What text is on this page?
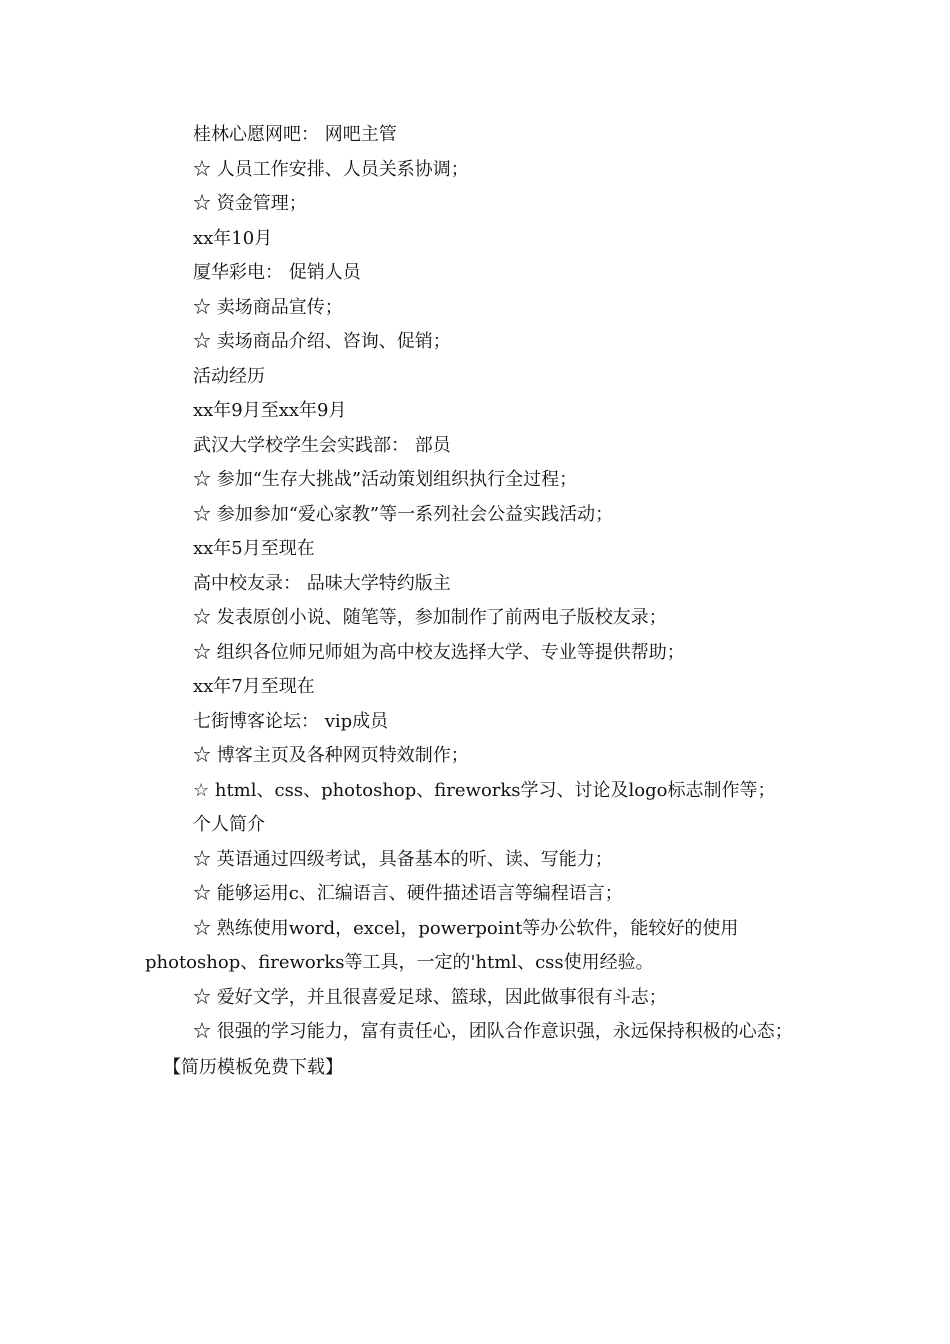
桂林心愿网吧： 网吧主管
☆ 人员工作安排、人员关系协调；
☆ 资金管理；
xx年10月
厦华彩电： 促销人员
☆ 卖场商品宣传；
☆ 卖场商品介绍、咨询、促销；
活动经历
xx年9月至xx年9月
武汉大学校学生会实践部： 部员
☆ 参加“生存大挑战”活动策划组织执行全过程；
☆ 参加参加“爱心家教”等一系列社会公益实践活动；
xx年5月至现在
高中校友录： 品味大学特约版主
☆ 发表原创小说、随笔等，参加制作了前两电子版校友录；
☆ 组织各位师兄师姐为高中校友选择大学、专业等提供帮助；
xx年7月至现在
七街博客论坛： vip成员
☆ 博客主页及各种网页特效制作；
☆ html、css、photoshop、fireworks学习、讨论及logo标志制作等；
个人简介
☆ 英语通过四级考试，具备基本的听、读、写能力；
☆ 能够运用c、汇编语言、硬件描述语言等编程语言；
☆ 熟练使用word，excel，powerpoint等办公软件，能较好的使用photoshop、fireworks等工具，一定的'html、css使用经验。
☆ 爱好文学，并且很喜爱足球、篮球，因此做事很有斗志；
☆ 很强的学习能力，富有责任心，团队合作意识强，永远保持积极的心态；
【简历模板免费下载】
